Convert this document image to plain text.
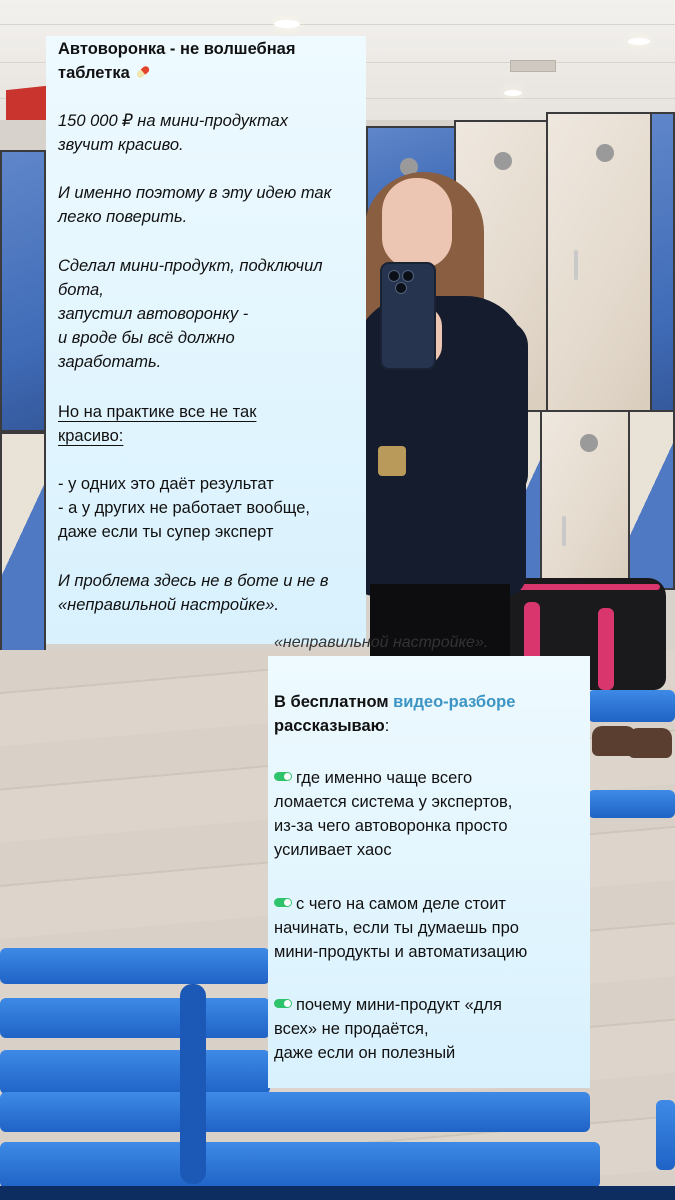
Автоворонка - не волшебная
таблетка
150 000 ₽ на мини-продуктах
звучит красиво.
И именно поэтому в эту идею так
легко поверить.
Сделал мини-продукт, подключил
бота,
запустил автоворонку -
и вроде бы всё должно
заработать.
Но на практике все не так
красиво:
- у одних это даёт результат
- а у других не работает вообще,
даже если ты супер эксперт
И проблема здесь не в боте и не в
«неправильной настройке».
«неправильной настройке».
В бесплатном видео-разборе
рассказываю:
где именно чаще всего
ломается система у экспертов,
из-за чего автоворонка просто
усиливает хаос
с чего на самом деле стоит
начинать, если ты думаешь про
мини-продукты и автоматизацию
почему мини-продукт «для
всех» не продаётся,
даже если он полезный
